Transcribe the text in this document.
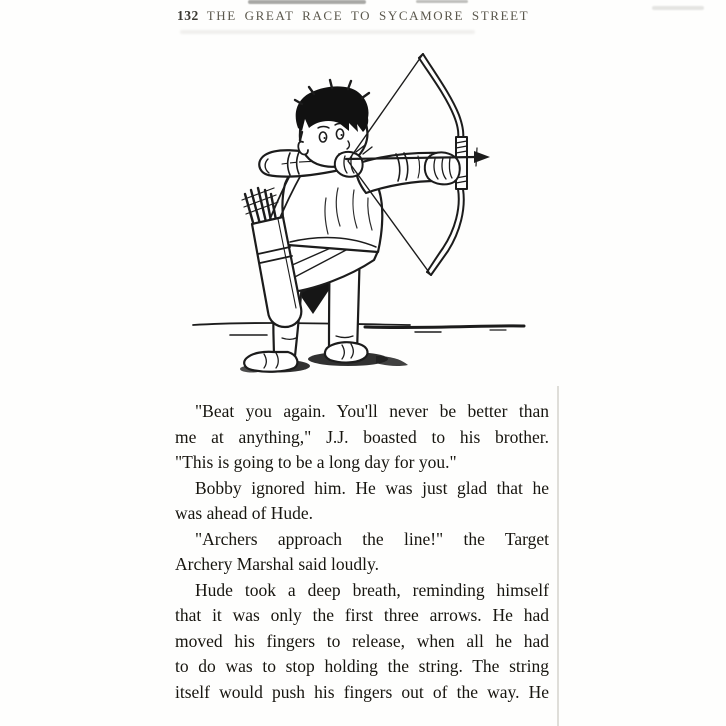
132 THE GREAT RACE TO SYCAMORE STREET
"Beat you again. You'll never be better than
me at anything," J.J. boasted to his brother.
"This is going to be a long day for you."
Bobby ignored him. He was just glad that he
was ahead of Hude.
"Archers approach the line!" the Target
Archery Marshal said loudly.
Hude took a deep breath, reminding himself
that it was only the first three arrows. He had
moved his fingers to release, when all he had
to do was to stop holding the string. The string
itself would push his fingers out of the way. He
